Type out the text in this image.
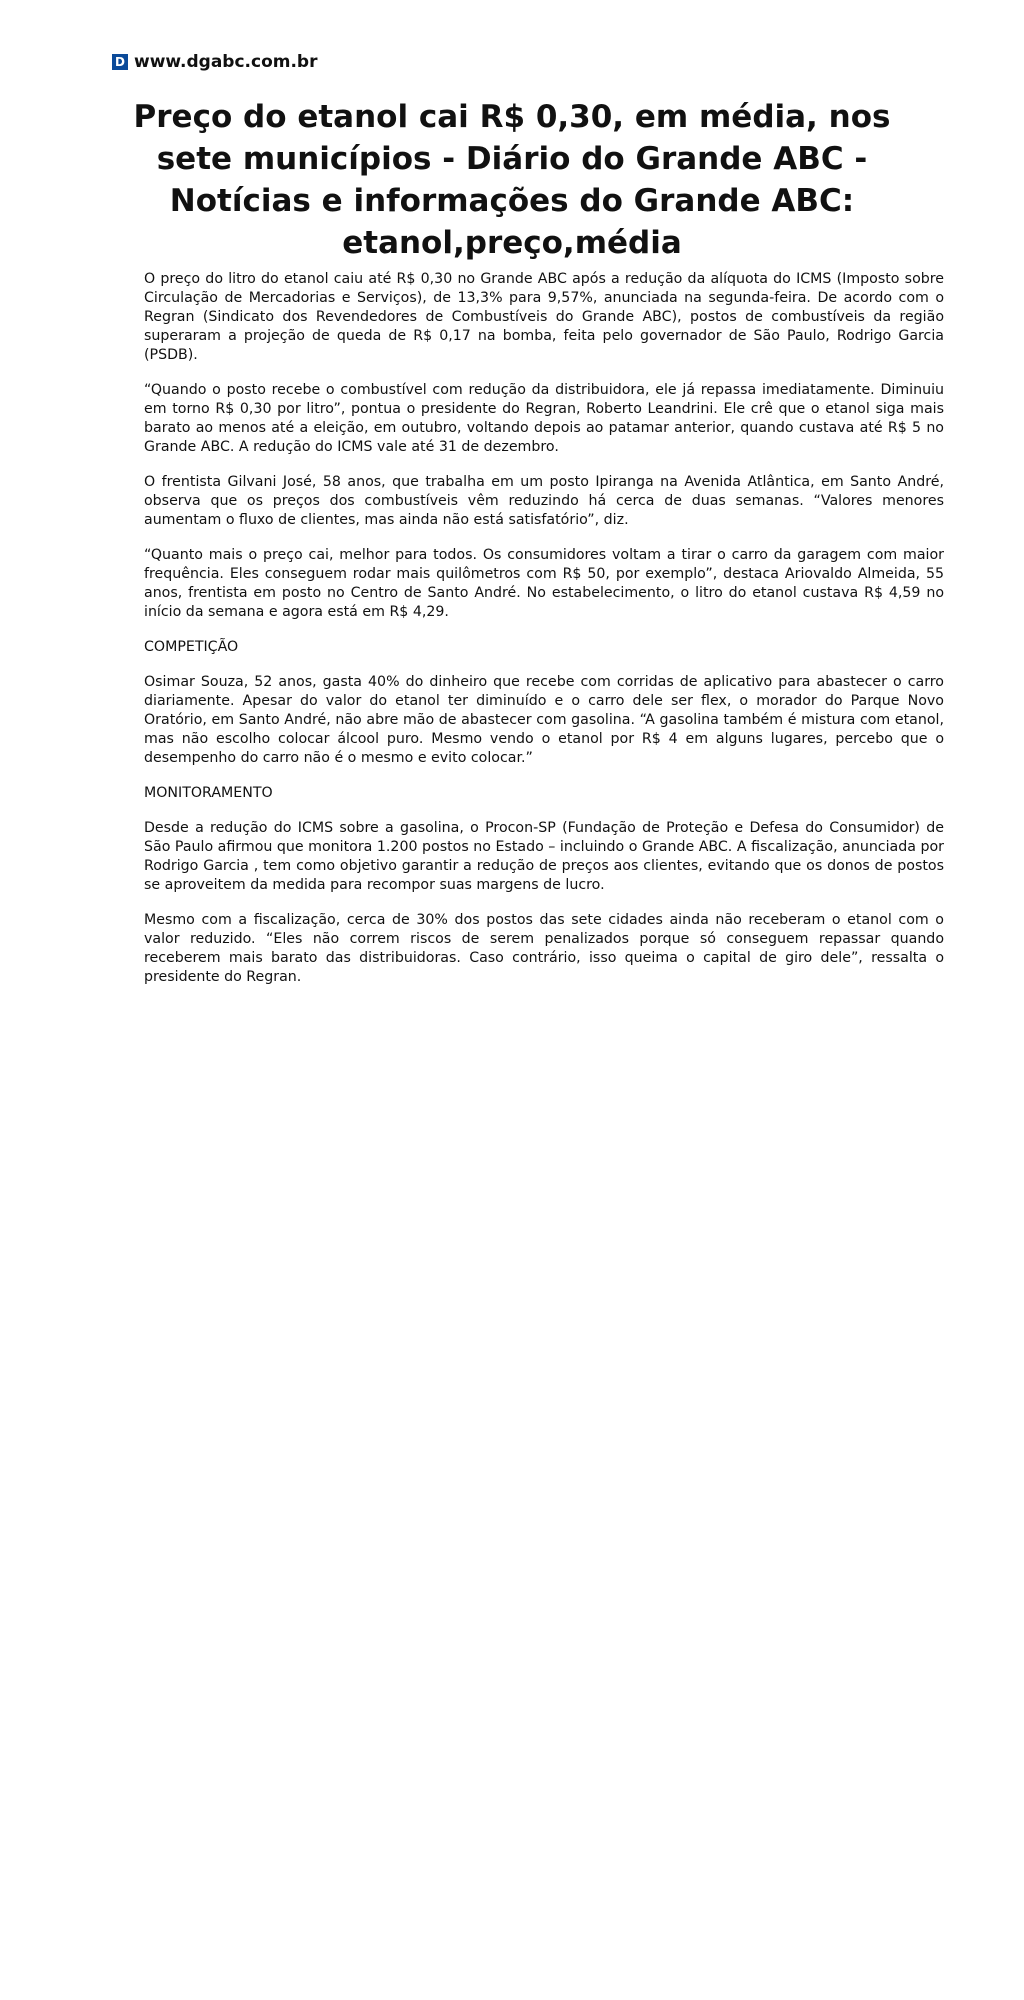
D www.dgabc.com.br
Preço do etanol cai R$ 0,30, em média, nos sete municípios - Diário do Grande ABC - Notícias e informações do Grande ABC: etanol,preço,média

O preço do litro do etanol caiu até R$ 0,30 no Grande ABC após a redução da alíquota do ICMS (Imposto sobre Circulação de Mercadorias e Serviços), de 13,3% para 9,57%, anunciada na segunda-feira. De acordo com o Regran (Sindicato dos Revendedores de Combustíveis do Grande ABC), postos de combustíveis da região superaram a projeção de queda de R$ 0,17 na bomba, feita pelo governador de São Paulo, Rodrigo Garcia (PSDB).

“Quando o posto recebe o combustível com redução da distribuidora, ele já repassa imediatamente. Diminuiu em torno R$ 0,30 por litro”, pontua o presidente do Regran, Roberto Leandrini. Ele crê que o etanol siga mais barato ao menos até a eleição, em outubro, voltando depois ao patamar anterior, quando custava até R$ 5 no Grande ABC. A redução do ICMS vale até 31 de dezembro.

O frentista Gilvani José, 58 anos, que trabalha em um posto Ipiranga na Avenida Atlântica, em Santo André, observa que os preços dos combustíveis vêm reduzindo há cerca de duas semanas. “Valores menores aumentam o fluxo de clientes, mas ainda não está satisfatório”, diz.

“Quanto mais o preço cai, melhor para todos. Os consumidores voltam a tirar o carro da garagem com maior frequência. Eles conseguem rodar mais quilômetros com R$ 50, por exemplo”, destaca Ariovaldo Almeida, 55 anos, frentista em posto no Centro de Santo André. No estabelecimento, o litro do etanol custava R$ 4,59 no início da semana e agora está em R$ 4,29.

COMPETIÇÃO

Osimar Souza, 52 anos, gasta 40% do dinheiro que recebe com corridas de aplicativo para abastecer o carro diariamente. Apesar do valor do etanol ter diminuído e o carro dele ser flex, o morador do Parque Novo Oratório, em Santo André, não abre mão de abastecer com gasolina. “A gasolina também é mistura com etanol, mas não escolho colocar álcool puro. Mesmo vendo o etanol por R$ 4 em alguns lugares, percebo que o desempenho do carro não é o mesmo e evito colocar.”

MONITORAMENTO

Desde a redução do ICMS sobre a gasolina, o Procon-SP (Fundação de Proteção e Defesa do Consumidor) de São Paulo afirmou que monitora 1.200 postos no Estado – incluindo o Grande ABC. A fiscalização, anunciada por Rodrigo Garcia , tem como objetivo garantir a redução de preços aos clientes, evitando que os donos de postos se aproveitem da medida para recompor suas margens de lucro.

Mesmo com a fiscalização, cerca de 30% dos postos das sete cidades ainda não receberam o etanol com o valor reduzido. “Eles não correm riscos de serem penalizados porque só conseguem repassar quando receberem mais barato das distribuidoras. Caso contrário, isso queima o capital de giro dele”, ressalta o presidente do Regran.
